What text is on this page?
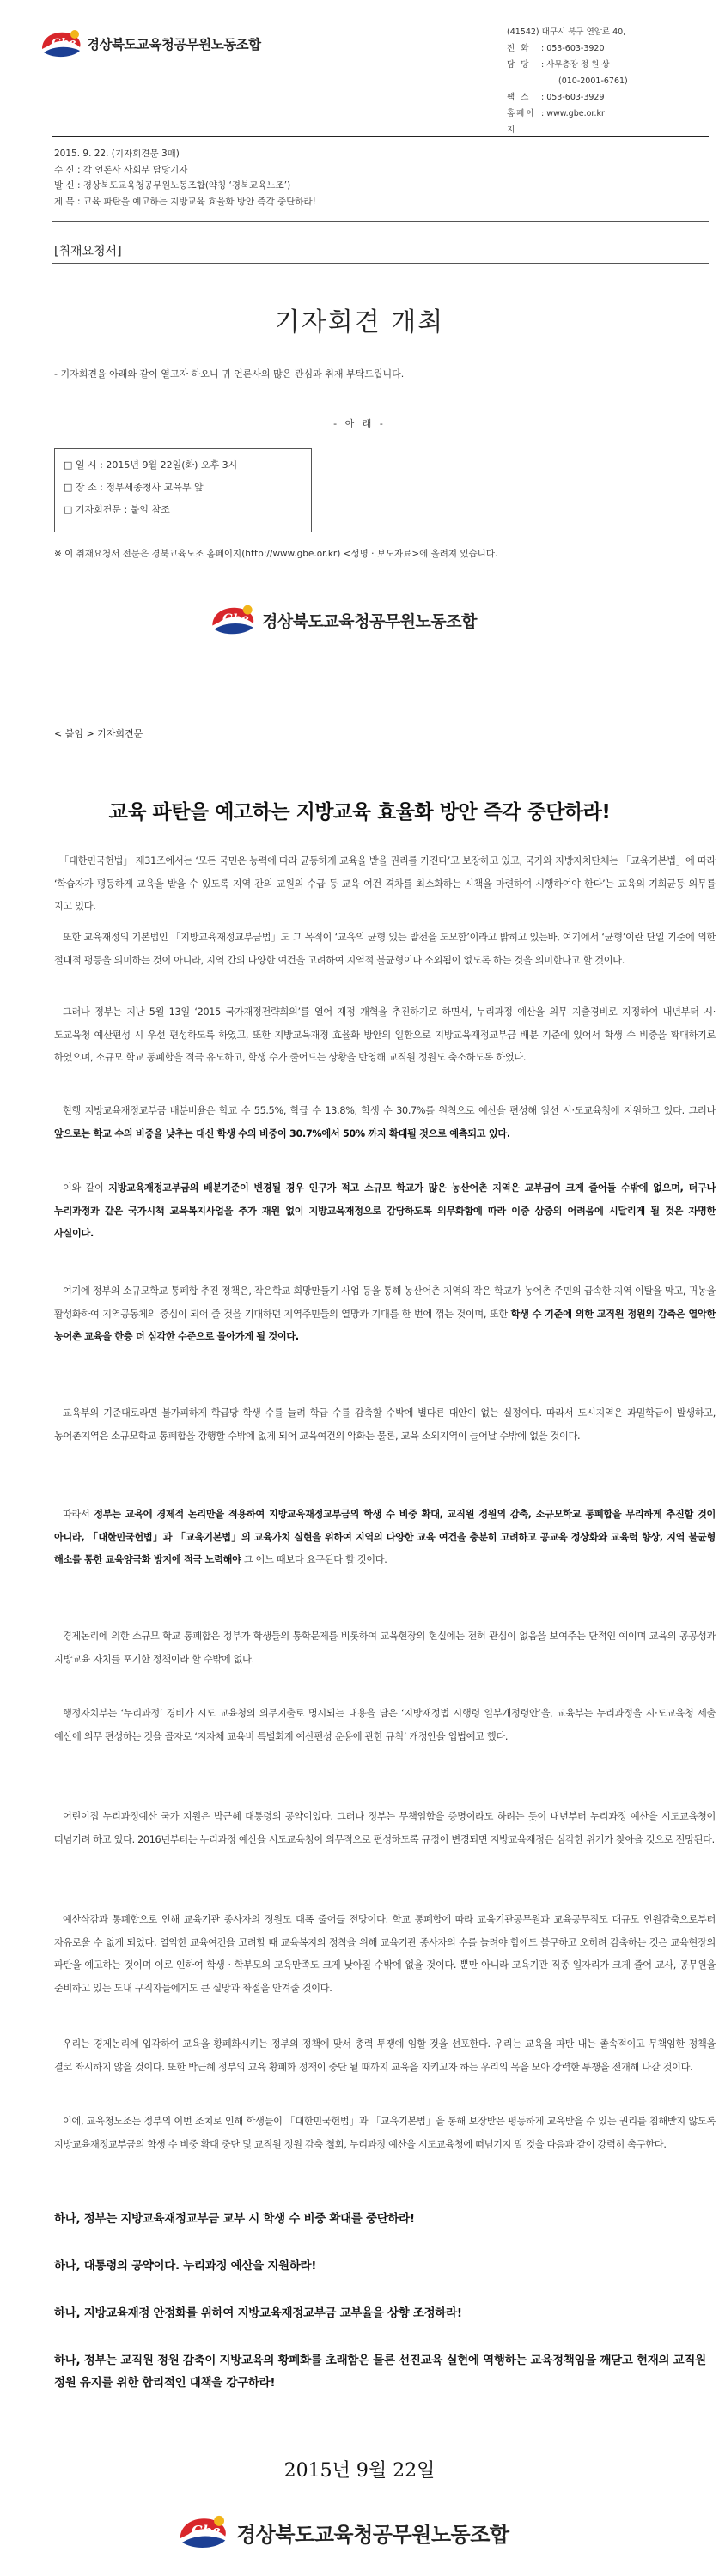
Gbe 경상북도교육청공무원노동조합
(41542) 대구시 북구 연암로 40,
전 화	: 053-603-3920
담 당	: 사무총장 정 원 상
(010-2001-6761)
팩 스	: 053-603-3929
홈페이지
: www.gbe.or.kr
2015. 9. 22. (기자회견문 3매)
수 신 : 각 언론사 사회부 담당기자
발 신 : 경상북도교육청공무원노동조합(약칭 ‘경북교육노조’)
제 목 : 교육 파탄을 예고하는 지방교육 효율화 방안 즉각 중단하라!
[취재요청서]
기자회견 개최
- 기자회견을 아래와 같이 열고자 하오니 귀 언론사의 많은 관심과 취재 부탁드립니다.
- 아 래 -
□ 일 시 : 2015년 9월 22일(화) 오후 3시
□ 장 소 : 정부세종청사 교육부 앞
□ 기자회견문 : 붙임 참조
※ 이 취재요청서 전문은 경북교육노조 홈페이지(http://www.gbe.or.kr) <성명 · 보도자료>에 올려져 있습니다.
Gbe 경상북도교육청공무원노동조합
< 붙임 > 기자회견문
교육 파탄을 예고하는 지방교육 효율화 방안 즉각 중단하라!
「대한민국헌법」 제31조에서는 ‘모든 국민은 능력에 따라 균등하게 교육을 받을 권리를 가진다’고 보장하고 있고, 국가와 지방자치단체는 「교육기본법」에 따라 ‘학습자가 평등하게 교육을 받을 수 있도록 지역 간의 교원의 수급 등 교육 여건 격차를 최소화하는 시책을 마련하여 시행하여야 한다’는 교육의 기회균등 의무를 지고 있다.
또한 교육재정의 기본법인 「지방교육재정교부금법」도 그 목적이 ‘교육의 균형 있는 발전을 도모함’이라고 밝히고 있는바, 여기에서 ‘균형’이란 단일 기준에 의한 절대적 평등을 의미하는 것이 아니라, 지역 간의 다양한 여건을 고려하여 지역적 불균형이나 소외됨이 없도록 하는 것을 의미한다고 할 것이다.
그러나 정부는 지난 5월 13일 ‘2015 국가재정전략회의’를 열어 재정 개혁을 추진하기로 하면서, 누리과정 예산을 의무 지출경비로 지정하여 내년부터 시·도교육청 예산편성 시 우선 편성하도록 하였고, 또한 지방교육재정 효율화 방안의 일환으로 지방교육재정교부금 배분 기준에 있어서 학생 수 비중을 확대하기로 하였으며, 소규모 학교 통폐합을 적극 유도하고, 학생 수가 줄어드는 상황을 반영해 교직원 정원도 축소하도록 하였다.
현행 지방교육재정교부금 배분비율은 학교 수 55.5%, 학급 수 13.8%, 학생 수 30.7%를 원칙으로 예산을 편성해 일선 시·도교육청에 지원하고 있다. 그러나 앞으로는 학교 수의 비중을 낮추는 대신 학생 수의 비중이 30.7%에서 50% 까지 확대될 것으로 예측되고 있다.
이와 같이 지방교육재정교부금의 배분기준이 변경될 경우 인구가 적고 소규모 학교가 많은 농산어촌 지역은 교부금이 크게 줄어들 수밖에 없으며, 더구나 누리과정과 같은 국가시책 교육복지사업을 추가 재원 없이 지방교육재정으로 감당하도록 의무화함에 따라 이중 삼중의 어려움에 시달리게 될 것은 자명한 사실이다.
여기에 정부의 소규모학교 통폐합 추진 정책은, 작은학교 희망만들기 사업 등을 통해 농산어촌 지역의 작은 학교가 농어촌 주민의 급속한 지역 이탈을 막고, 귀농을 활성화하여 지역공동체의 중심이 되어 줄 것을 기대하던 지역주민들의 열망과 기대를 한 번에 꺾는 것이며, 또한 학생 수 기준에 의한 교직원 정원의 감축은 열악한 농어촌 교육을 한층 더 심각한 수준으로 몰아가게 될 것이다.
교육부의 기준대로라면 불가피하게 학급당 학생 수를 늘려 학급 수를 감축할 수밖에 별다른 대안이 없는 실정이다. 따라서 도시지역은 과밀학급이 발생하고, 농어촌지역은 소규모학교 통폐합을 강행할 수밖에 없게 되어 교육여건의 악화는 물론, 교육 소외지역이 늘어날 수밖에 없을 것이다.
따라서 정부는 교육에 경제적 논리만을 적용하여 지방교육재정교부금의 학생 수 비중 확대, 교직원 정원의 감축, 소규모학교 통폐합을 무리하게 추진할 것이 아니라, 「대한민국헌법」과 「교육기본법」의 교육가치 실현을 위하여 지역의 다양한 교육 여건을 충분히 고려하고 공교육 정상화와 교육력 향상, 지역 불균형 해소를 통한 교육양극화 방지에 적극 노력해야 그 어느 때보다 요구된다 할 것이다.
경제논리에 의한 소규모 학교 통폐합은 정부가 학생들의 통학문제를 비롯하여 교육현장의 현실에는 전혀 관심이 없음을 보여주는 단적인 예이며 교육의 공공성과 지방교육 자치를 포기한 정책이라 할 수밖에 없다.
행정자치부는 ‘누리과정’ 경비가 시도 교육청의 의무지출로 명시되는 내용을 담은 ‘지방재정법 시행령 일부개정령안’을, 교육부는 누리과정을 시·도교육청 세출 예산에 의무 편성하는 것을 골자로 ‘지자체 교육비 특별회계 예산편성 운용에 관한 규칙’ 개정안을 입법예고 했다.
어린이집 누리과정예산 국가 지원은 박근혜 대통령의 공약이었다. 그러나 정부는 무책임함을 증명이라도 하려는 듯이 내년부터 누리과정 예산을 시도교육청이 떠넘기려 하고 있다. 2016년부터는 누리과정 예산을 시도교육청이 의무적으로 편성하도록 규정이 변경되면 지방교육재정은 심각한 위기가 찾아올 것으로 전망된다.
예산삭감과 통폐합으로 인해 교육기관 종사자의 정원도 대폭 줄어들 전망이다. 학교 통폐합에 따라 교육기관공무원과 교육공무직도 대규모 인원감축으로부터 자유로울 수 없게 되었다. 열악한 교육여건을 고려할 때 교육복지의 정착을 위해 교육기관 종사자의 수를 늘려야 함에도 불구하고 오히려 감축하는 것은 교육현장의 파탄을 예고하는 것이며 이로 인하여 학생 · 학부모의 교육만족도 크게 낮아질 수밖에 없을 것이다. 뿐만 아니라 교육기관 직종 일자리가 크게 줄어 교사, 공무원을 준비하고 있는 도내 구직자들에게도 큰 실망과 좌절을 안겨줄 것이다.
우리는 경제논리에 입각하여 교육을 황폐화시키는 정부의 정책에 맞서 총력 투쟁에 임할 것을 선포한다. 우리는 교육을 파탄 내는 졸속적이고 무책임한 정책을 결코 좌시하지 않을 것이다. 또한 박근혜 정부의 교육 황폐화 정책이 중단 될 때까지 교육을 지키고자 하는 우리의 목을 모아 강력한 투쟁을 전개해 나갈 것이다.
이에, 교육청노조는 정부의 이번 조치로 인해 학생들이 「대한민국헌법」과 「교육기본법」을 통해 보장받은 평등하게 교육받을 수 있는 권리를 침해받지 않도록 지방교육재정교부금의 학생 수 비중 확대 중단 및 교직원 정원 감축 철회, 누리과정 예산을 시도교육청에 떠넘기지 말 것을 다음과 같이 강력히 촉구한다.
하나, 정부는 지방교육재정교부금 교부 시 학생 수 비중 확대를 중단하라!
하나, 대통령의 공약이다. 누리과정 예산을 지원하라!
하나, 지방교육재정 안정화를 위하여 지방교육재정교부금 교부율을 상향 조정하라!
하나, 정부는 교직원 정원 감축이 지방교육의 황폐화를 초래함은 물론 선진교육 실현에 역행하는 교육정책임을 깨닫고 현재의 교직원 정원 유지를 위한 합리적인 대책을 강구하라!
2015년 9월 22일
Gbe 경상북도교육청공무원노동조합
